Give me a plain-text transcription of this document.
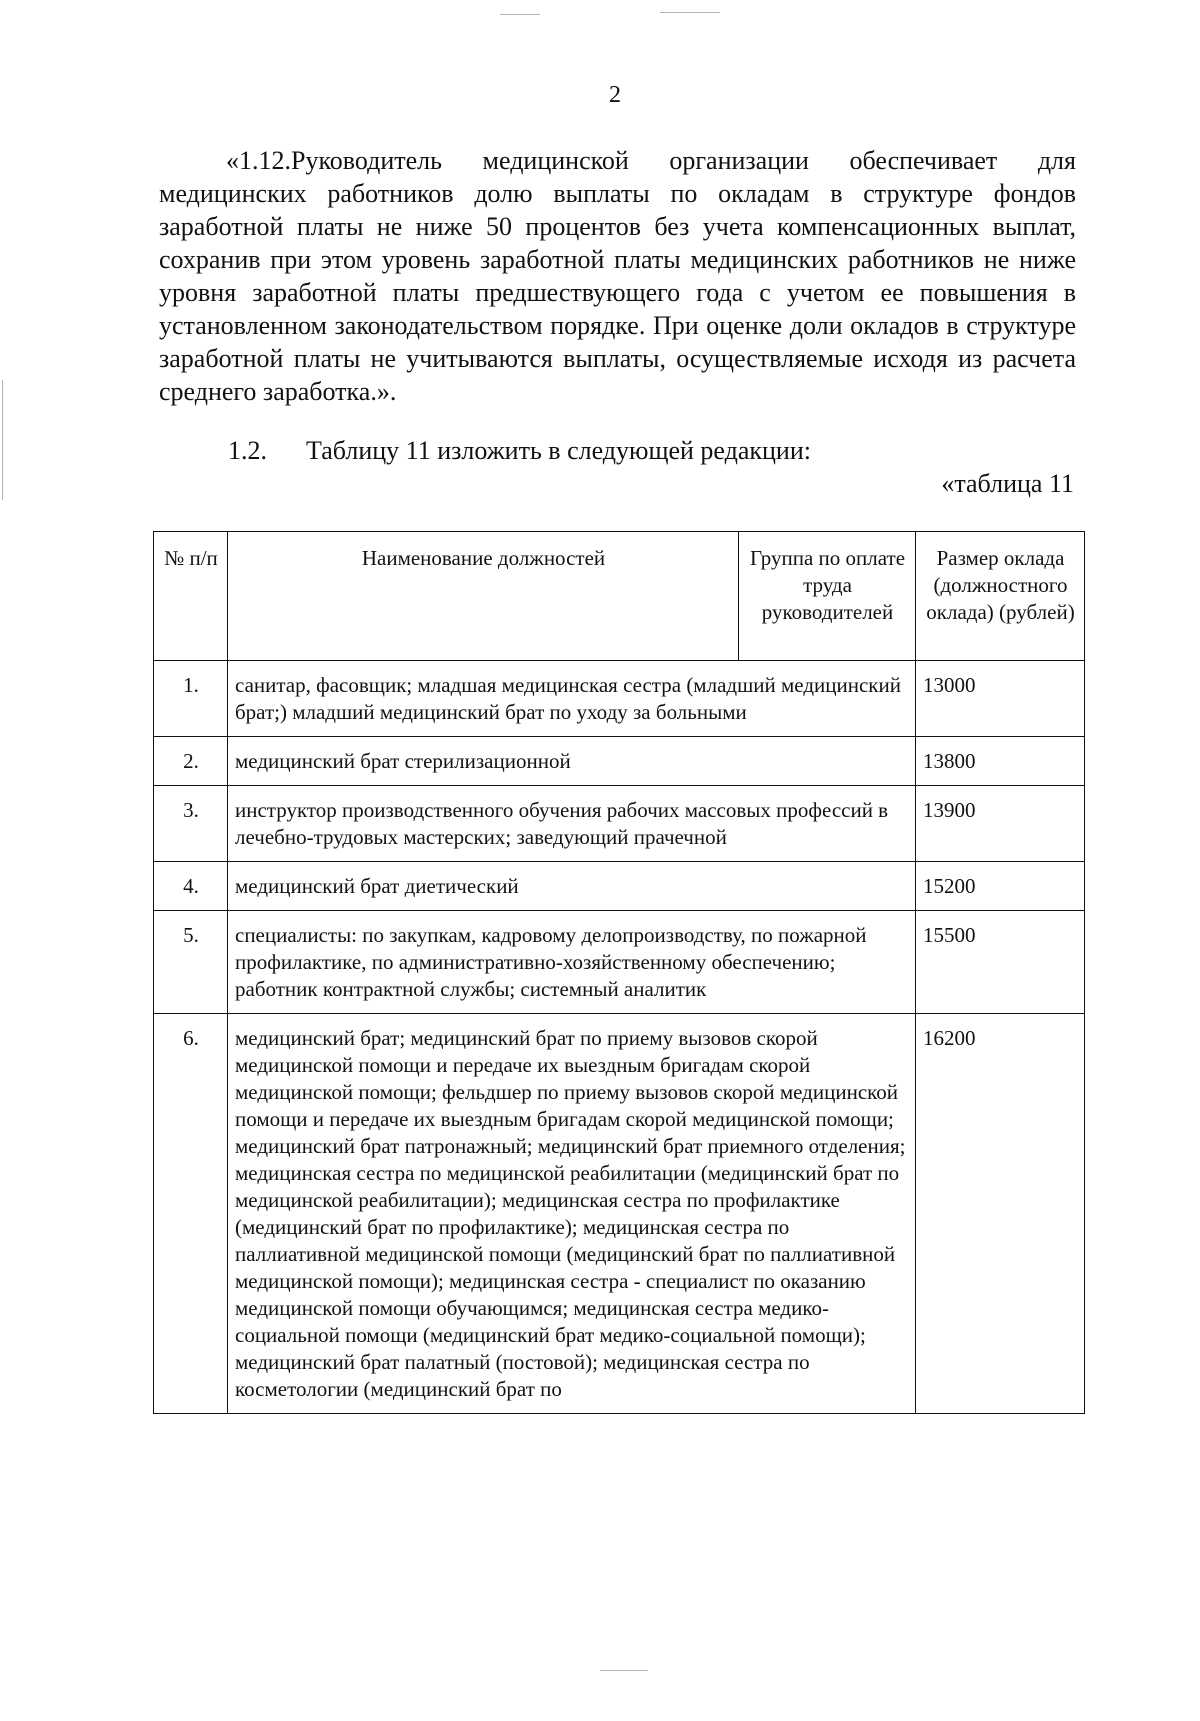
2
«1.12.Руководитель медицинской организации обеспечивает для медицинских работников долю выплаты по окладам в структуре фондов заработной платы не ниже 50 процентов без учета компенсационных выплат, сохранив при этом уровень заработной платы медицинских работников не ниже уровня заработной платы предшествующего года с учетом ее повышения в установленном законодательством порядке. При оценке доли окладов в структуре заработной платы не учитываются выплаты, осуществляемые исходя из расчета среднего заработка.».
1.2. Таблицу 11 изложить в следующей редакции:
«таблица 11
№ п/п	Наименование должностей	Группа по оплате труда руководителей	Размер оклада (должностного оклада) (рублей)
1.	санитар, фасовщик; младшая медицинская сестра (младший медицинский брат;) младший медицинский брат по уходу за больными		13000
2.	медицинский брат стерилизационной		13800
3.	инструктор производственного обучения рабочих массовых профессий в лечебно-трудовых мастерских; заведующий прачечной		13900
4.	медицинский брат диетический		15200
5.	специалисты: по закупкам, кадровому делопроизводству, по пожарной профилактике, по административно-хозяйственному обеспечению; работник контрактной службы; системный аналитик		15500
6.	медицинский брат; медицинский брат по приему вызовов скорой медицинской помощи и передаче их выездным бригадам скорой медицинской помощи; фельдшер по приему вызовов скорой медицинской помощи и передаче их выездным бригадам скорой медицинской помощи; медицинский брат патронажный; медицинский брат приемного отделения; медицинская сестра по медицинской реабилитации (медицинский брат по медицинской реабилитации); медицинская сестра по профилактике (медицинский брат по профилактике); медицинская сестра по паллиативной медицинской помощи (медицинский брат по паллиативной медицинской помощи); медицинская сестра - специалист по оказанию медицинской помощи обучающимся; медицинская сестра медико-социальной помощи (медицинский брат медико-социальной помощи); медицинский брат палатный (постовой); медицинская сестра по косметологии (медицинский брат по		16200
